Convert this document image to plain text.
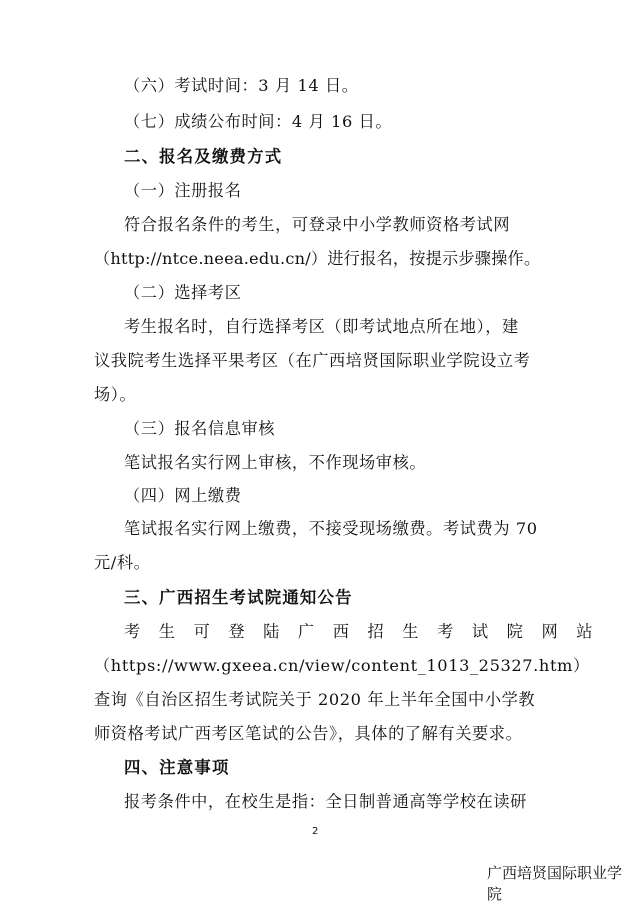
（六）考试时间：3 月 14 日。
（七）成绩公布时间：4 月 16 日。
二、报名及缴费方式
（一）注册报名
符合报名条件的考生，可登录中小学教师资格考试网
（http://ntce.neea.edu.cn/）进行报名，按提示步骤操作。
（二）选择考区
考生报名时，自行选择考区（即考试地点所在地），建
议我院考生选择平果考区（在广西培贤国际职业学院设立考
场）。
（三）报名信息审核
笔试报名实行网上审核，不作现场审核。
（四）网上缴费
笔试报名实行网上缴费，不接受现场缴费。考试费为 70
元/科。
三、广西招生考试院通知公告
考生可登陆广西招生考试院网站
（https://www.gxeea.cn/view/content_1013_25327.htm）
查询《自治区招生考试院关于 2020 年上半年全国中小学教
师资格考试广西考区笔试的公告》，具体的了解有关要求。
四、注意事项
报考条件中，在校生是指：全日制普通高等学校在读研
2
广西培贤国际职业学院
